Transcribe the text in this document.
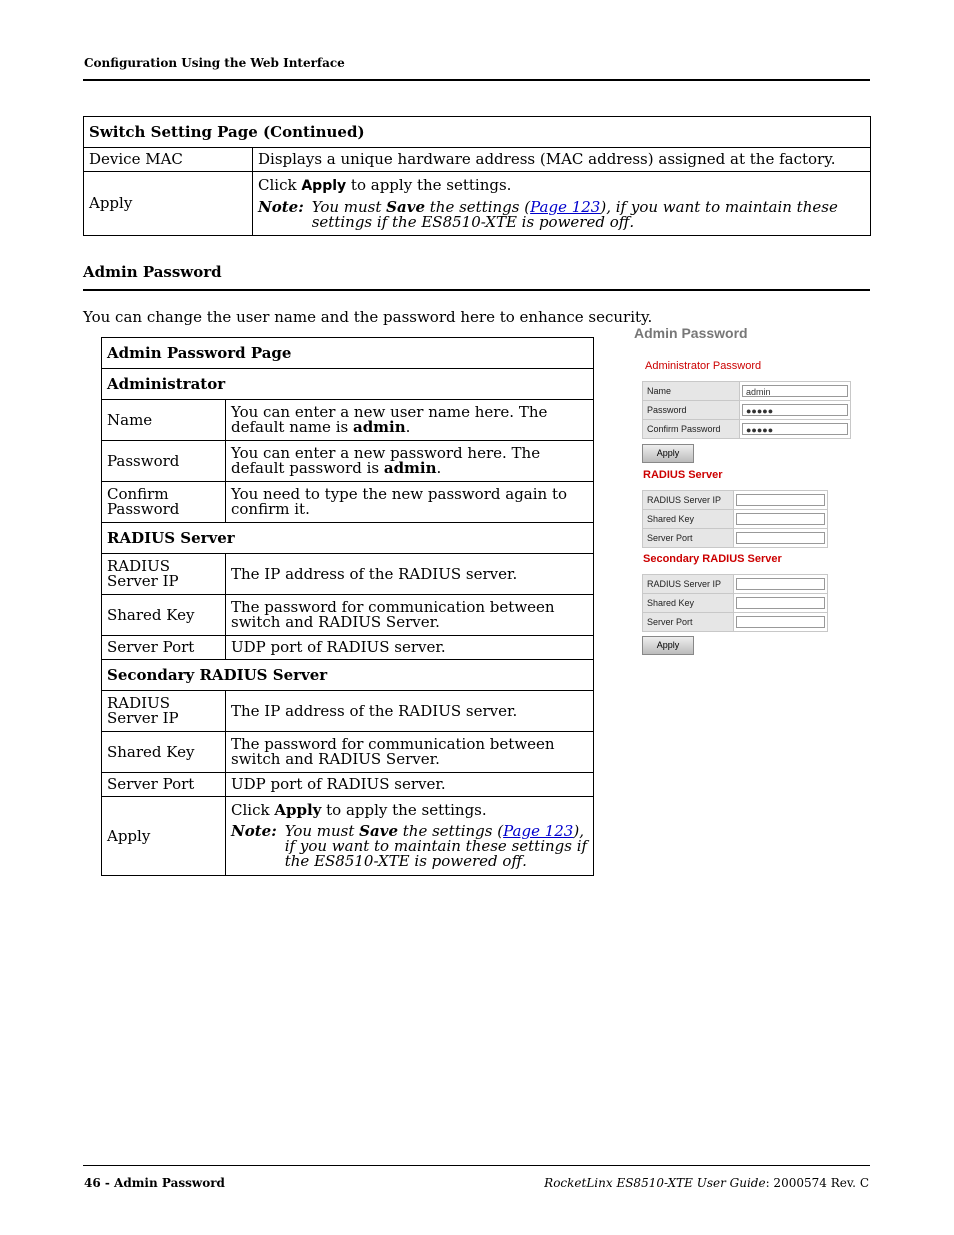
Configuration Using the Web Interface
Switch Setting Page (Continued)	
Device MAC	Displays a unique hardware address (MAC address) assigned at the factory.
Apply	Click Apply to apply the settings.
Note: You must Save the settings (Page 123), if you want to maintain these settings if the ES8510-XTE is powered off.
Admin Password
You can change the user name and the password here to enhance security.
Admin Password Page	
Administrator	
Name	You can enter a new user name here. The default name is admin.
Password	You can enter a new password here. The default password is admin.
Confirm Password	You need to type the new password again to confirm it.
RADIUS Server	
RADIUS Server IP	The IP address of the RADIUS server.
Shared Key	The password for communication between switch and RADIUS Server.
Server Port	UDP port of RADIUS server.
Secondary RADIUS Server	
RADIUS Server IP	The IP address of the RADIUS server.
Shared Key	The password for communication between switch and RADIUS Server.
Server Port	UDP port of RADIUS server.
Apply	Click Apply to apply the settings.
Note: You must Save the settings (Page 123), if you want to maintain these settings if the ES8510-XTE is powered off.
Admin Password
Administrator Password
Name	admin

Password	●●●●●

Confirm Password	●●●●●
Apply
RADIUS Server
RADIUS Server IP	

Shared Key	

Server Port	
Secondary RADIUS Server
RADIUS Server IP	

Shared Key	

Server Port	
Apply
46 - Admin Password	RocketLinx ES8510-XTE User Guide: 2000574 Rev. C
